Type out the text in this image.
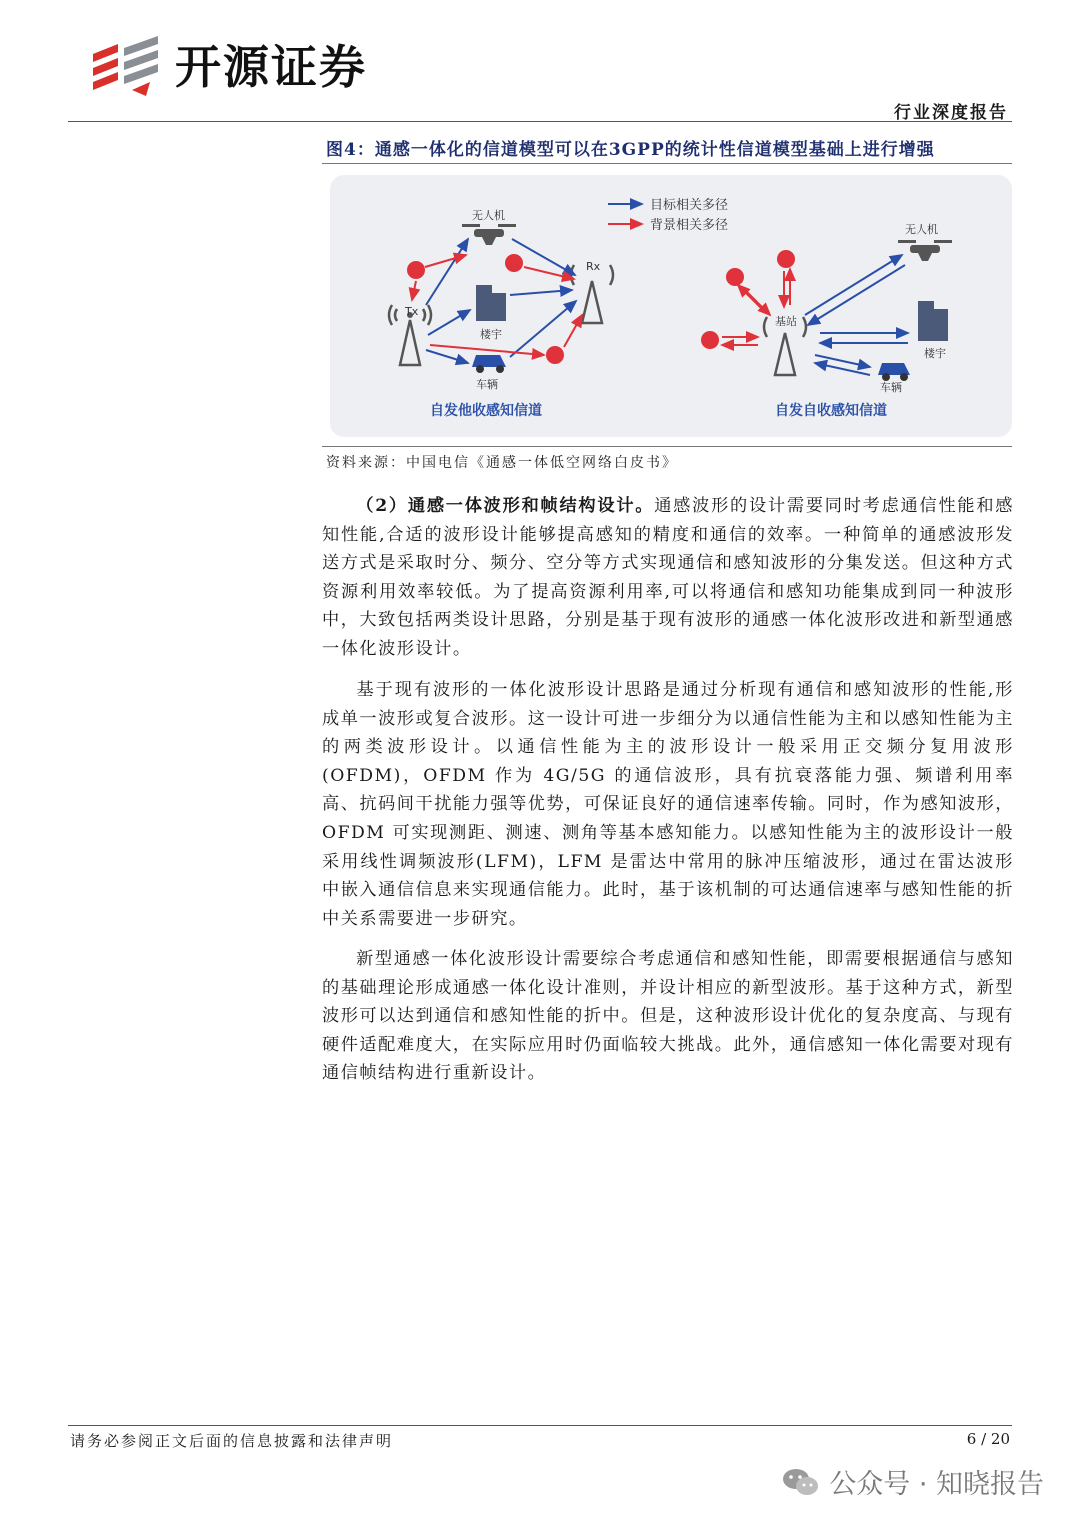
开源证券
行业深度报告
图4：通感一体化的信道模型可以在3GPP的统计性信道模型基础上进行增强
目标相关多径
背景相关多径
Tx
Rx
无人机
楼宇
车辆
自发他收感知信道
基站
无人机
楼宇
车辆
自发自收感知信道
资料来源：中国电信《通感一体低空网络白皮书》

（2）通感一体波形和帧结构设计。通感波形的设计需要同时考虑通信性能和感知性能,合适的波形设计能够提高感知的精度和通信的效率。一种简单的通感波形发送方式是采取时分、频分、空分等方式实现通信和感知波形的分集发送。但这种方式资源利用效率较低。为了提高资源利用率,可以将通信和感知功能集成到同一种波形中，大致包括两类设计思路，分别是基于现有波形的通感一体化波形改进和新型通感一体化波形设计。

基于现有波形的一体化波形设计思路是通过分析现有通信和感知波形的性能,形成单一波形或复合波形。这一设计可进一步细分为以通信性能为主和以感知性能为主的两类波形设计。以通信性能为主的波形设计一般采用正交频分复用波形(OFDM)，OFDM 作为 4G/5G 的通信波形，具有抗衰落能力强、频谱利用率高、抗码间干扰能力强等优势，可保证良好的通信速率传输。同时，作为感知波形，OFDM 可实现测距、测速、测角等基本感知能力。以感知性能为主的波形设计一般采用线性调频波形(LFM)，LFM 是雷达中常用的脉冲压缩波形，通过在雷达波形中嵌入通信信息来实现通信能力。此时，基于该机制的可达通信速率与感知性能的折中关系需要进一步研究。

新型通感一体化波形设计需要综合考虑通信和感知性能，即需要根据通信与感知的基础理论形成通感一体化设计准则，并设计相应的新型波形。基于这种方式，新型波形可以达到通信和感知性能的折中。但是，这种波形设计优化的复杂度高、与现有硬件适配难度大，在实际应用时仍面临较大挑战。此外，通信感知一体化需要对现有通信帧结构进行重新设计。

请务必参阅正文后面的信息披露和法律声明	6 / 20
公众号 · 知晓报告
